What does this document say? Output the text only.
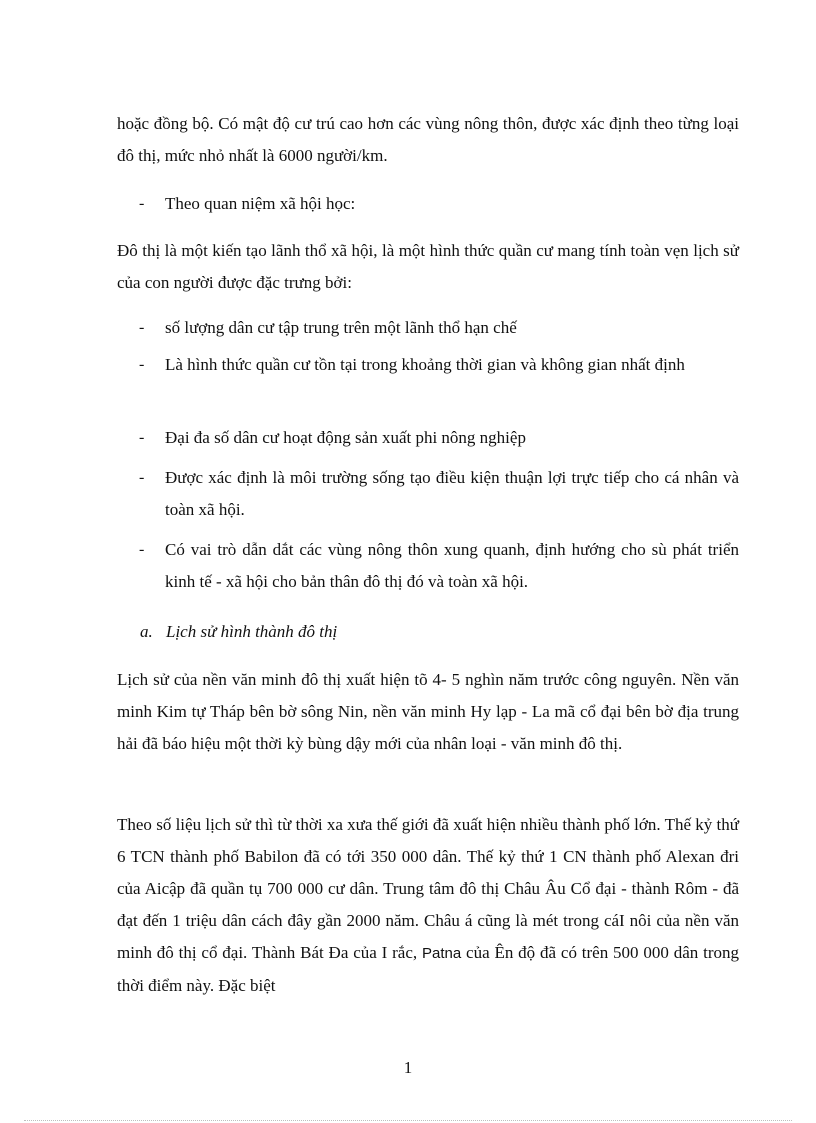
hoặc đồng bộ. Có mật độ cư trú cao hơn các vùng nông thôn, được xác định theo từng loại đô thị, mức nhỏ nhất là 6000 người/km.
-	Theo quan niệm xã hội học:
Đô thị là một kiến tạo lãnh thổ xã hội, là một hình thức quần cư mang tính toàn vẹn lịch sử của con người được đặc trưng bởi:
-	số lượng dân cư tập trung trên một lãnh thổ hạn chế
-	Là hình thức quần cư tồn tại trong khoảng thời gian và không gian nhất định
-	Đại đa số dân cư hoạt động sản xuất phi nông nghiệp
-	Được xác định là môi trường sống tạo điều kiện thuận lợi trực tiếp cho cá nhân và toàn xã hội.
-	Có vai trò dẫn dắt các vùng nông thôn xung quanh, định hướng cho sù phát triển kinh tế - xã hội cho bản thân đô thị đó và toàn xã hội.
a. Lịch sử hình thành đô thị
Lịch sử của nền văn minh đô thị xuất hiện tõ 4- 5 nghìn năm trước công nguyên. Nền văn minh Kim tự Tháp bên bờ sông Nin, nền văn minh Hy lạp - La mã cổ đại bên bờ địa trung hải đã báo hiệu một thời kỳ bùng dậy mới của nhân loại - văn minh đô thị.
Theo số liệu lịch sử thì từ thời xa xưa thế giới đã xuất hiện nhiều thành phố lớn. Thế kỷ thứ 6 TCN thành phố Babilon đã có tới 350 000 dân. Thế kỷ thứ 1 CN thành phố Alexan đri của Aicập đã quần tụ 700 000 cư dân. Trung tâm đô thị Châu Âu Cổ đại - thành Rôm - đã đạt đến 1 triệu dân cách đây gần 2000 năm. Châu á cũng là mét trong cáI nôi của nền văn minh đô thị cổ đại. Thành Bát Đa của I rắc, Patna của Ên độ đã có trên 500 000 dân trong thời điểm này. Đặc biệt
1
